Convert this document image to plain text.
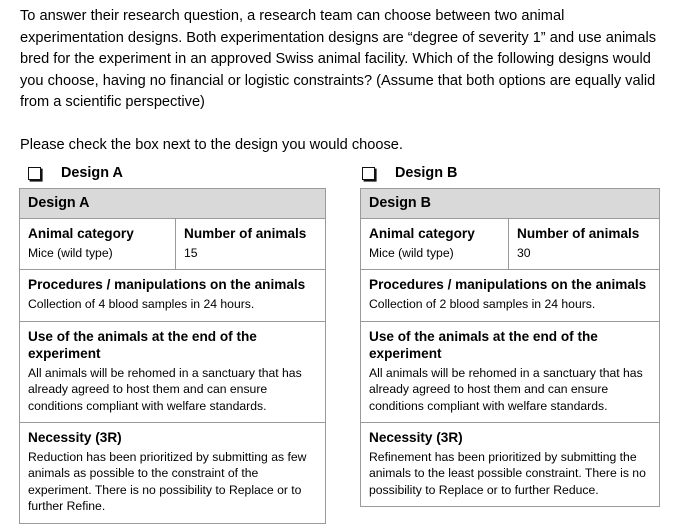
To answer their research question, a research team can choose between two animal experimentation designs. Both experimentation designs are “degree of severity 1” and use animals bred for the experiment in an approved Swiss animal facility. Which of the following designs would you choose, having no financial or logistic constraints? (Assume that both options are equally valid from a scientific perspective)

Please check the box next to the design you would choose.

Design A	Design B
Design A
Animal category
Mice (wild type)
Number of animals
15
Procedures / manipulations on the animals
Collection of 4 blood samples in 24 hours.
Use of the animals at the end of the experiment
All animals will be rehomed in a sanctuary that has already agreed to host them and can ensure conditions compliant with welfare standards.
Necessity (3R)
Reduction has been prioritized by submitting as few animals as possible to the constraint of the experiment. There is no possibility to Replace or to further Refine.
Design B
Animal category
Mice (wild type)
Number of animals
30
Procedures / manipulations on the animals
Collection of 2 blood samples in 24 hours.
Use of the animals at the end of the experiment
All animals will be rehomed in a sanctuary that has already agreed to host them and can ensure conditions compliant with welfare standards.
Necessity (3R)
Refinement has been prioritized by submitting the animals to the least possible constraint. There is no possibility to Replace or to further Reduce.
